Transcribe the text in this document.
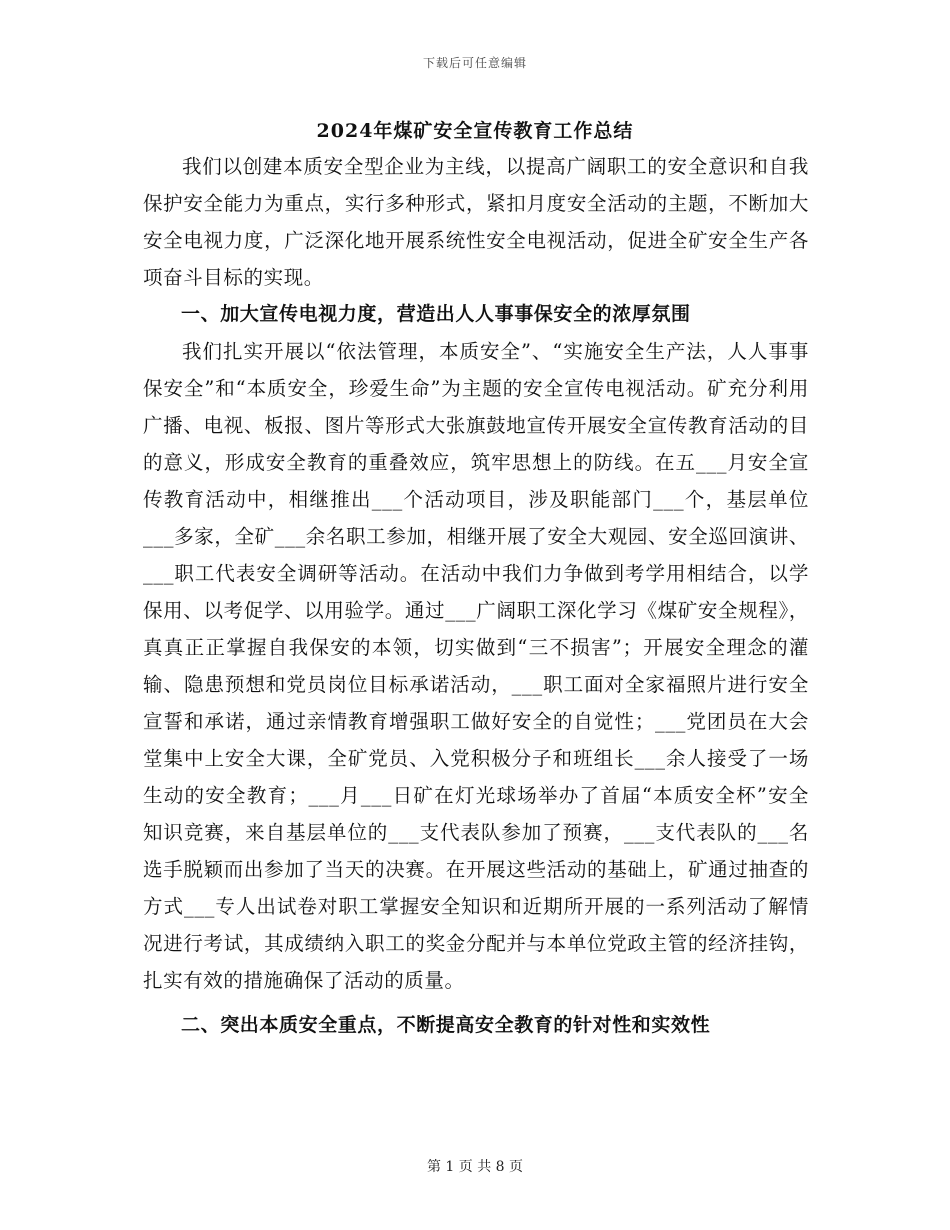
下载后可任意编辑
2024年煤矿安全宣传教育工作总结

我们以创建本质安全型企业为主线，以提高广阔职工的安全意识和自我保护安全能力为重点，实行多种形式，紧扣月度安全活动的主题，不断加大安全电视力度，广泛深化地开展系统性安全电视活动，促进全矿安全生产各项奋斗目标的实现。

一、加大宣传电视力度，营造出人人事事保安全的浓厚氛围

我们扎实开展以“依法管理，本质安全”、“实施安全生产法，人人事事保安全”和“本质安全，珍爱生命”为主题的安全宣传电视活动。矿充分利用广播、电视、板报、图片等形式大张旗鼓地宣传开展安全宣传教育活动的目的意义，形成安全教育的重叠效应，筑牢思想上的防线。在五___月安全宣传教育活动中，相继推出___个活动项目，涉及职能部门___个，基层单位___多家，全矿___余名职工参加，相继开展了安全大观园、安全巡回演讲、___职工代表安全调研等活动。在活动中我们力争做到考学用相结合，以学保用、以考促学、以用验学。通过___广阔职工深化学习《煤矿安全规程》，真真正正掌握自我保安的本领，切实做到“三不损害”；开展安全理念的灌输、隐患预想和党员岗位目标承诺活动，___职工面对全家福照片进行安全宣誓和承诺，通过亲情教育增强职工做好安全的自觉性；___党团员在大会堂集中上安全大课，全矿党员、入党积极分子和班组长___余人接受了一场生动的安全教育；___月___日矿在灯光球场举办了首届“本质安全杯”安全知识竞赛，来自基层单位的___支代表队参加了预赛，___支代表队的___名选手脱颖而出参加了当天的决赛。在开展这些活动的基础上，矿通过抽查的方式___专人出试卷对职工掌握安全知识和近期所开展的一系列活动了解情况进行考试，其成绩纳入职工的奖金分配并与本单位党政主管的经济挂钩，扎实有效的措施确保了活动的质量。

二、突出本质安全重点，不断提高安全教育的针对性和实效性

第 1 页 共 8 页
